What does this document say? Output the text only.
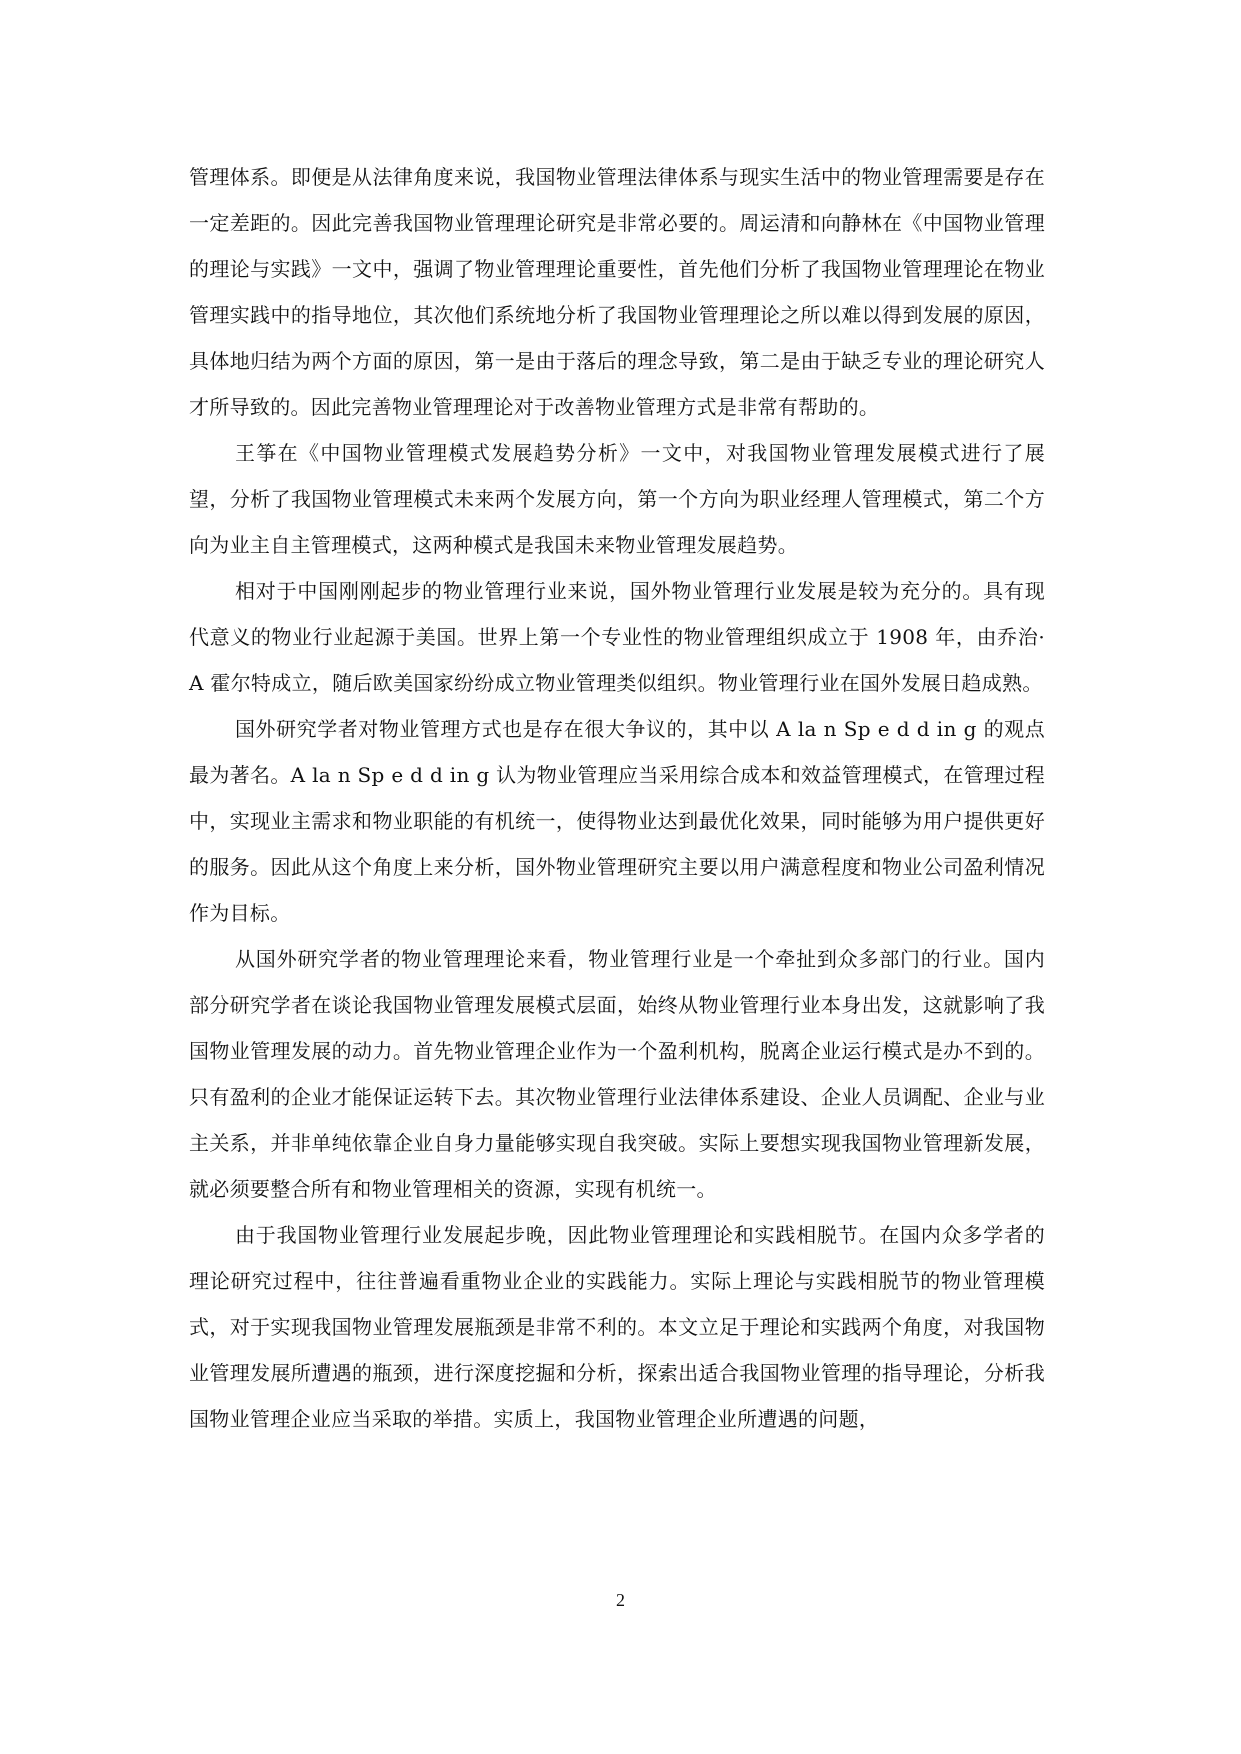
管理体系。即便是从法律角度来说，我国物业管理法律体系与现实生活中的物业管理需要是存在一定差距的。因此完善我国物业管理理论研究是非常必要的。周运清和向静林在《中国物业管理的理论与实践》一文中，强调了物业管理理论重要性，首先他们分析了我国物业管理理论在物业管理实践中的指导地位，其次他们系统地分析了我国物业管理理论之所以难以得到发展的原因，具体地归结为两个方面的原因，第一是由于落后的理念导致，第二是由于缺乏专业的理论研究人才所导致的。因此完善物业管理理论对于改善物业管理方式是非常有帮助的。

王筝在《中国物业管理模式发展趋势分析》一文中，对我国物业管理发展模式进行了展望，分析了我国物业管理模式未来两个发展方向，第一个方向为职业经理人管理模式，第二个方向为业主自主管理模式，这两种模式是我国未来物业管理发展趋势。

相对于中国刚刚起步的物业管理行业来说，国外物业管理行业发展是较为充分的。具有现代意义的物业行业起源于美国。世界上第一个专业性的物业管理组织成立于 1908 年，由乔治·A 霍尔特成立，随后欧美国家纷纷成立物业管理类似组织。物业管理行业在国外发展日趋成熟。

国外研究学者对物业管理方式也是存在很大争议的，其中以 A la n Sp e d d in g 的观点最为著名。A la n Sp e d d in g 认为物业管理应当采用综合成本和效益管理模式，在管理过程中，实现业主需求和物业职能的有机统一，使得物业达到最优化效果，同时能够为用户提供更好的服务。因此从这个角度上来分析，国外物业管理研究主要以用户满意程度和物业公司盈利情况作为目标。

从国外研究学者的物业管理理论来看，物业管理行业是一个牵扯到众多部门的行业。国内部分研究学者在谈论我国物业管理发展模式层面，始终从物业管理行业本身出发，这就影响了我国物业管理发展的动力。首先物业管理企业作为一个盈利机构，脱离企业运行模式是办不到的。只有盈利的企业才能保证运转下去。其次物业管理行业法律体系建设、企业人员调配、企业与业主关系，并非单纯依靠企业自身力量能够实现自我突破。实际上要想实现我国物业管理新发展，就必须要整合所有和物业管理相关的资源，实现有机统一。

由于我国物业管理行业发展起步晚，因此物业管理理论和实践相脱节。在国内众多学者的理论研究过程中，往往普遍看重物业企业的实践能力。实际上理论与实践相脱节的物业管理模式，对于实现我国物业管理发展瓶颈是非常不利的。本文立足于理论和实践两个角度，对我国物业管理发展所遭遇的瓶颈，进行深度挖掘和分析，探索出适合我国物业管理的指导理论，分析我国物业管理企业应当采取的举措。实质上，我国物业管理企业所遭遇的问题，

2
